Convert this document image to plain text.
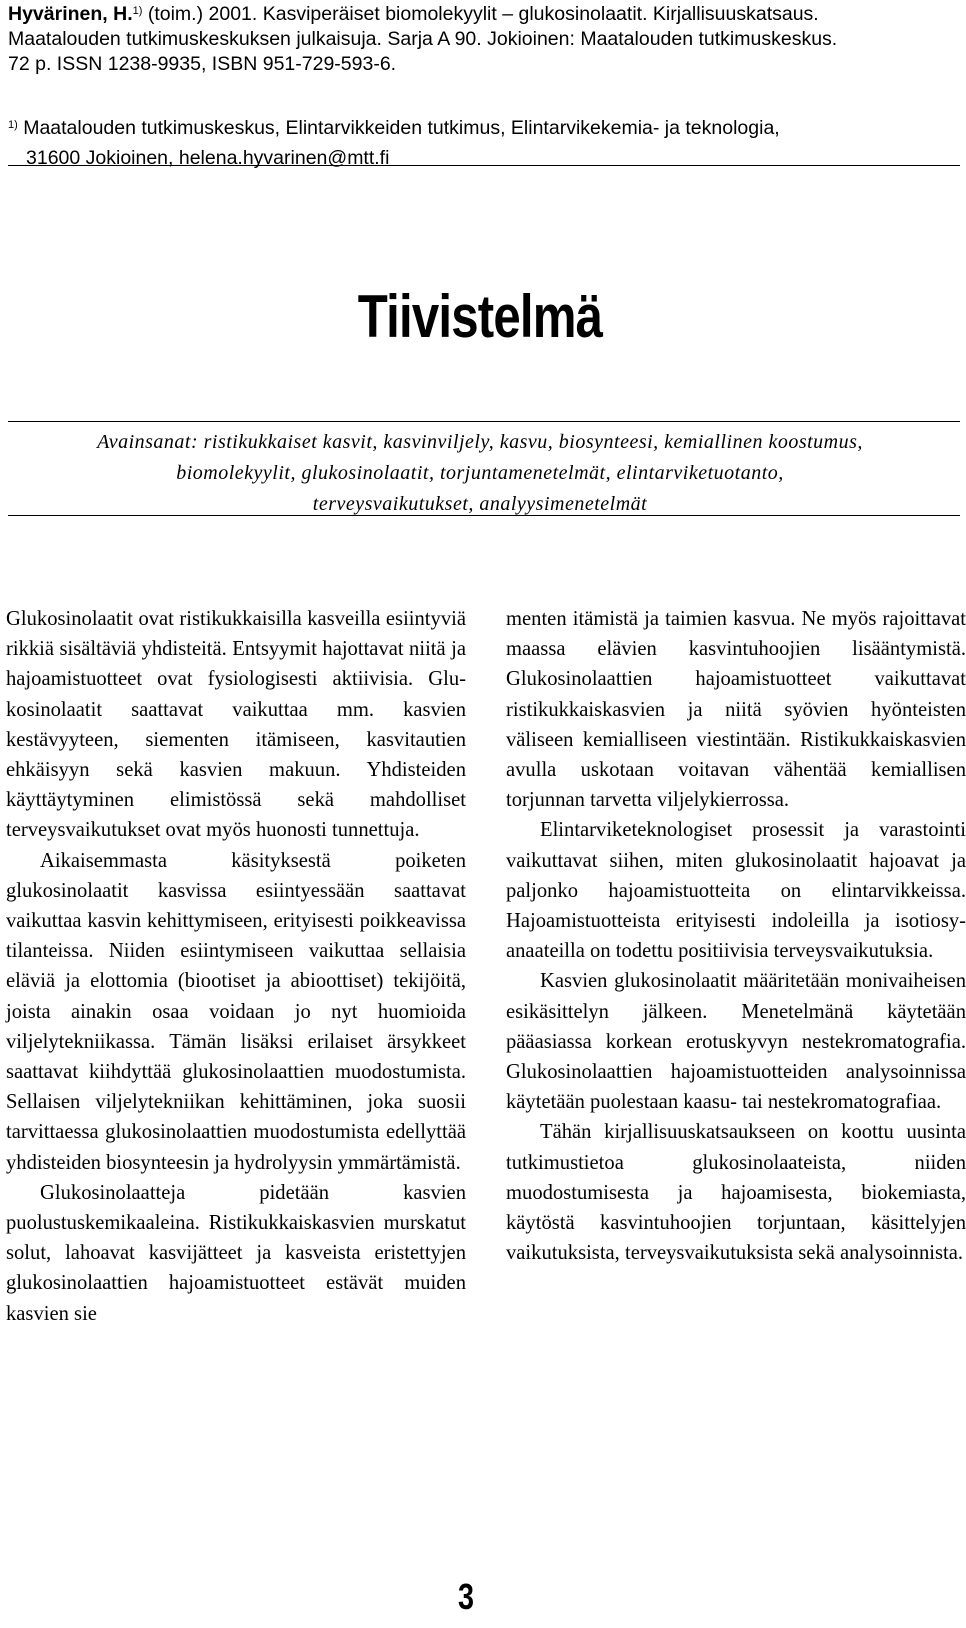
Hyvärinen, H.$^{1)}$ (toim.) 2001. Kasviperäiset biomolekyylit – glukosinolaatit. Kirjallisuuskatsaus.
Maatalouden tutkimuskeskuksen julkaisuja. Sarja A 90. Jokioinen: Maatalouden tutkimuskeskus.
72 p. ISSN 1238-9935, ISBN 951-729-593-6.
$^{1)}$ Maatalouden tutkimuskeskus, Elintarvikkeiden tutkimus, Elintarvikekemia- ja teknologia,
31600 Jokioinen, helena.hyvarinen@mtt.fi
Tiivistelmä
Avainsanat: ristikukkaiset kasvit, kasvinviljely, kasvu, biosynteesi, kemiallinen koostumus,
biomolekyylit, glukosinolaatit, torjuntamenetelmät, elintarviketuotanto,
terveysvaikutukset, analyysimenetelmät

Glukosinolaatit ovat ristikukkaisilla kasveilla esiintyviä rikkiä sisältäviä yhdisteitä. Entsyymit hajottavat niitä ja hajoamistuotteet ovat fysiologisesti aktiivisia. Glukosinolaatit saattavat vaikuttaa mm. kasvien kestävyyteen, siementen itämiseen, kasvitautien ehkäisyyn sekä kasvien makuun. Yhdisteiden käyttäytyminen elimistössä sekä mahdolliset terveysvaikutukset ovat myös huonosti tunnettuja.

Aikaisemmasta käsityksestä poiketen glukosinolaatit kasvissa esiintyessään saattavat vaikuttaa kasvin kehittymiseen, erityisesti poikkeavissa tilanteissa. Niiden esiintymiseen vaikuttaa sellaisia eläviä ja elottomia (biootiset ja abioottiset) tekijöitä, joista ainakin osaa voidaan jo nyt huomioida viljelytekniikassa. Tämän lisäksi erilaiset ärsykkeet saattavat kiihdyttää glukosinolaattien muodostumista. Sellaisen viljelytekniikan kehittäminen, joka suosii tarvittaessa glukosinolaattien muodostumista edellyttää yhdisteiden biosynteesin ja hydrolyysin ymmärtämistä.

Glukosinolaatteja pidetään kasvien puolustuskemikaaleina. Ristikukkaiskasvien murskatut solut, lahoavat kasvijätteet ja kasveista eristettyjen glukosinolaattien hajoamistuotteet estävät muiden kasvien sie

menten itämistä ja taimien kasvua. Ne myös rajoittavat maassa elävien kasvintuhoojien lisääntymistä. Glukosinolaattien hajoamistuotteet vaikuttavat ristikukkaiskasvien ja niitä syövien hyönteisten väliseen kemialliseen viestintään. Ristikukkaiskasvien avulla uskotaan voitavan vähentää kemiallisen torjunnan tarvetta viljelykierrossa.

Elintarviketeknologiset prosessit ja varastointi vaikuttavat siihen, miten glukosinolaatit hajoavat ja paljonko hajoamistuotteita on elintarvikkeissa. Hajoamistuotteista erityisesti indoleilla ja isotiosyanaateilla on todettu positiivisia terveysvaikutuksia.

Kasvien glukosinolaatit määritetään monivaiheisen esikäsittelyn jälkeen. Menetelmänä käytetään pääasiassa korkean erotuskyvyn nestekromatografia. Glukosinolaattien hajoamistuotteiden analysoinnissa käytetään puolestaan kaasu- tai nestekromatografiaa.

Tähän kirjallisuuskatsaukseen on koottu uusinta tutkimustietoa glukosinolaateista, niiden muodostumisesta ja hajoamisesta, biokemiasta, käytöstä kasvintuhoojien torjuntaan, käsittelyjen vaikutuksista, terveysvaikutuksista sekä analysoinnista.

3
